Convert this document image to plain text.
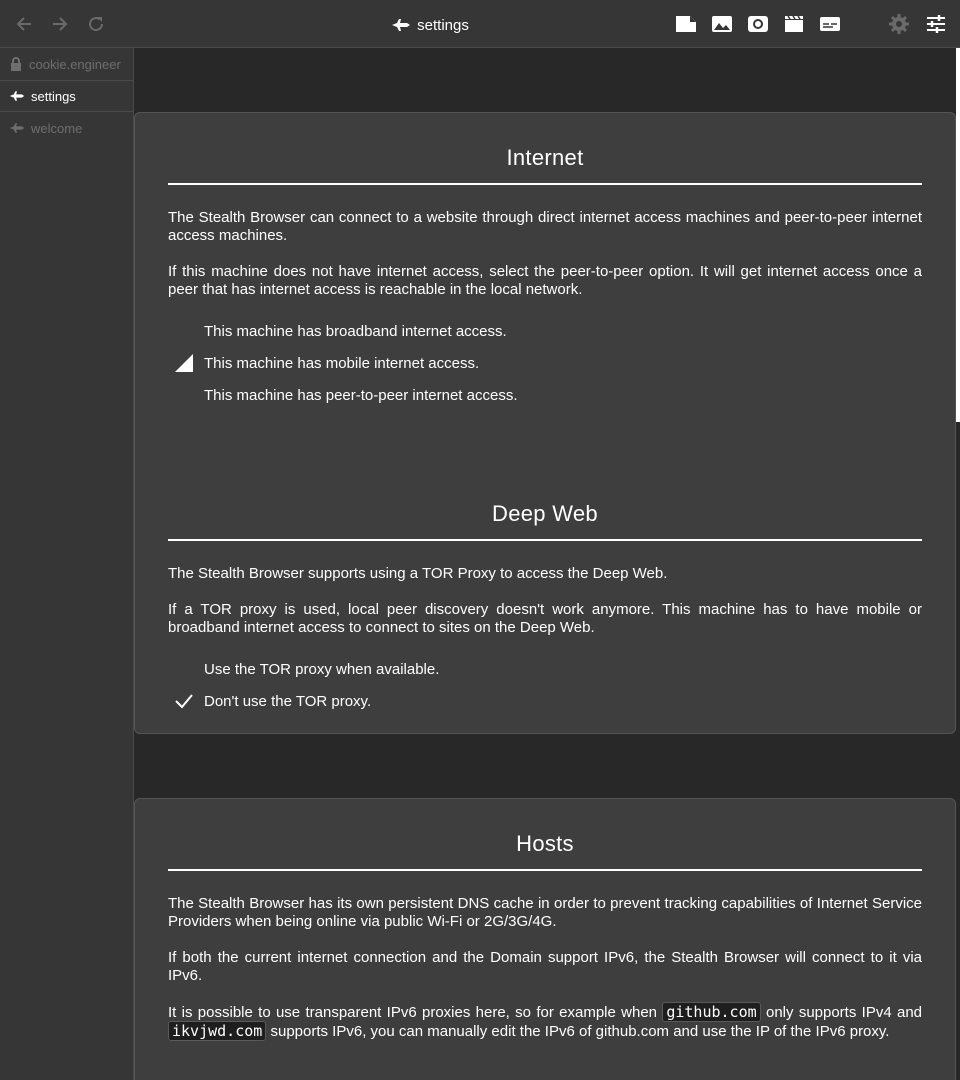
settings
cookie.engineer
settings
welcome
Internet

The Stealth Browser can connect to a website through direct internet access machines and peer-to-peer internet access machines.

If this machine does not have internet access, select the peer-to-peer option. It will get internet access once a peer that has internet access is reachable in the local network.

This machine has broadband internet access.
This machine has mobile internet access.
This machine has peer-to-peer internet access.
Deep Web

The Stealth Browser supports using a TOR Proxy to access the Deep Web.

If a TOR proxy is used, local peer discovery doesn't work anymore. This machine has to have mobile or broadband internet access to connect to sites on the Deep Web.

Use the TOR proxy when available.
Don't use the TOR proxy.
Hosts

The Stealth Browser has its own persistent DNS cache in order to prevent tracking capabilities of Internet Service Providers when being online via public Wi-Fi or 2G/3G/4G.

If both the current internet connection and the Domain support IPv6, the Stealth Browser will connect to it via IPv6.

It is possible to use transparent IPv6 proxies here, so for example when github.com only supports IPv4 and ikvjwd.com supports IPv6, you can manually edit the IPv6 of github.com and use the IP of the IPv6 proxy.
